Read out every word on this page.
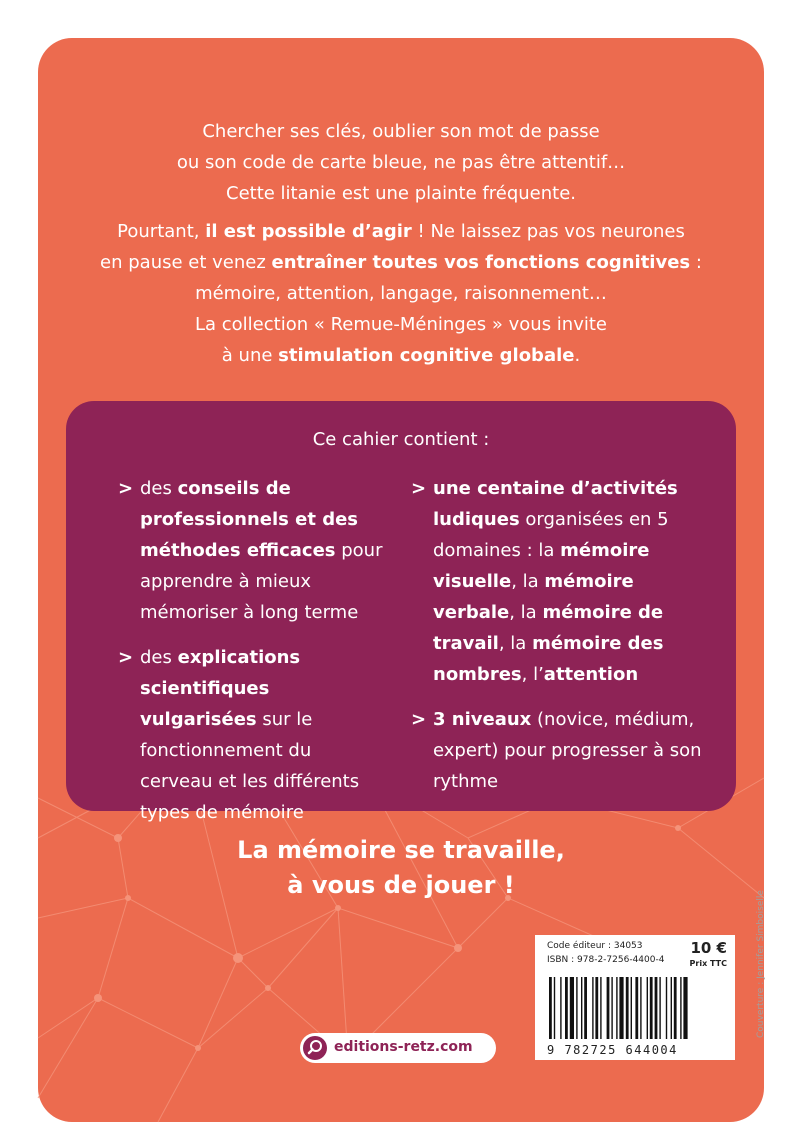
Chercher ses clés, oublier son mot de passe

ou son code de carte bleue, ne pas être attentif…

Cette litanie est une plainte fréquente.

Pourtant, il est possible d’agir ! Ne laissez pas vos neurones

en pause et venez entraîner toutes vos fonctions cognitives :

mémoire, attention, langage, raisonnement…

La collection « Remue-Méninges » vous invite

à une stimulation cognitive globale.

Ce cahier contient :
> des conseils de professionnels et des méthodes efficaces pour apprendre à mieux mémoriser à long terme
> des explications scientifiques vulgarisées sur le fonctionnement du cerveau et les différents types de mémoire
> une centaine d’activités ludiques organisées en 5 domaines : la mémoire visuelle, la mémoire verbale, la mémoire de travail, la mémoire des nombres, l’attention
> 3 niveaux (novice, médium, expert) pour progresser à son rythme
La mémoire se travaille,
à vous de jouer !
Code éditeur : 34053
ISBN : 978-2-7256-4400-4
10 €
Prix TTC
9 782725 644004
Couverture : Jennifer Simboiselle
editions-retz.com
